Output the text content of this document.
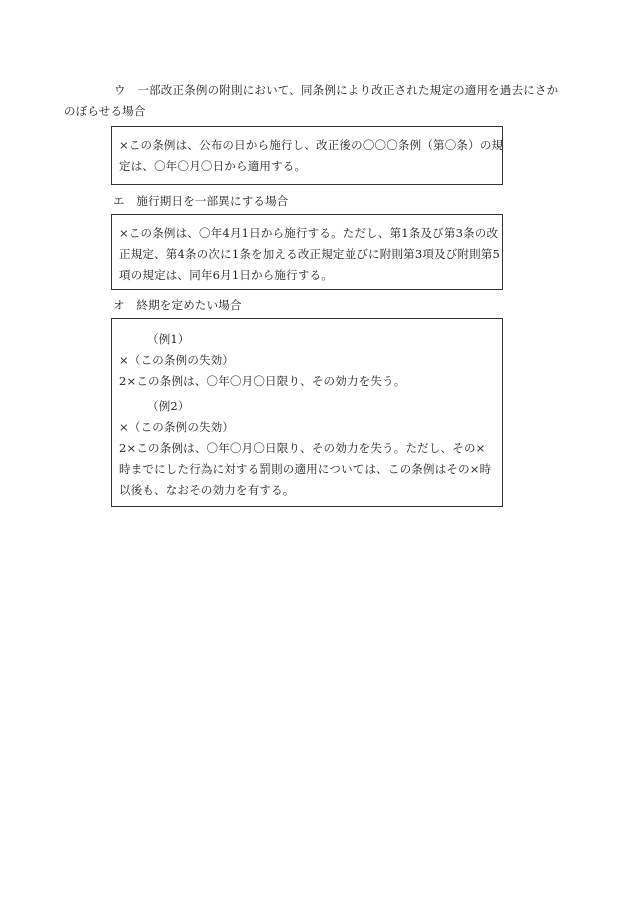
ウ　一部改正条例の附則において、同条例により改正された規定の適用を過去にさかのぼらせる場合
×この条例は、公布の日から施行し、改正後の〇〇〇条例（第〇条）の規
定は、〇年〇月〇日から適用する。
エ　施行期日を一部異にする場合
×この条例は、〇年4月1日から施行する。ただし、第1条及び第3条の改
正規定、第4条の次に1条を加える改正規定並びに附則第3項及び附則第5
項の規定は、同年6月1日から施行する。
オ　終期を定めたい場合
（例1）
×（この条例の失効）
2×この条例は、〇年〇月〇日限り、その効力を失う。
（例2）
×（この条例の失効）
2×この条例は、〇年〇月〇日限り、その効力を失う。ただし、その×
時までにした行為に対する罰則の適用については、この条例はその×時
以後も、なおその効力を有する。
